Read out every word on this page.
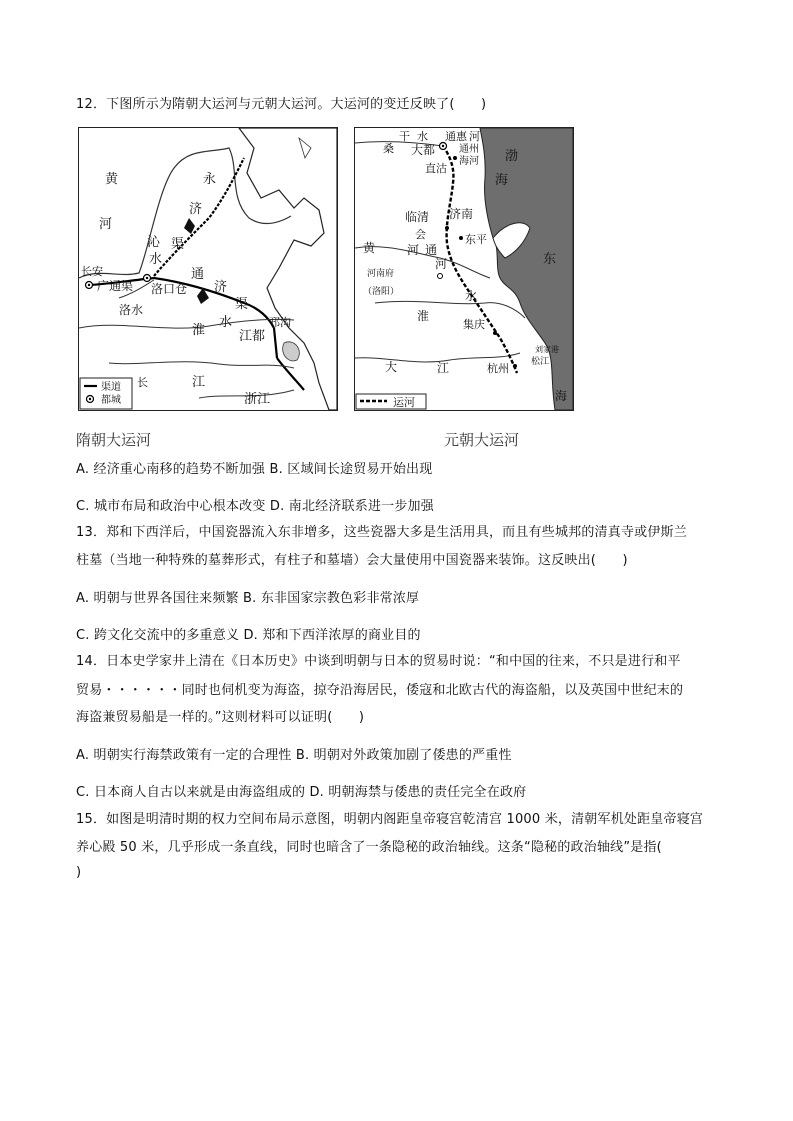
12．下图所示为隋朝大运河与元朝大运河。大运河的变迁反映了(　　)
黄
河
永
济
沁
水
渠
长安
广通渠 洛口仓
洛水
通
济
渠
淮
水	邗沟
江都
江
浙江
长
渠道
都城
隋朝大运河
桑
干 水 通惠 河
大都 通州
海河
直沽
渤
海
临清 济南
会	东平
黄	河 通
河
河南府
（洛阳）
东
水
淮
集庆
大	江	杭州 松江
刘家港
海
运河
元朝大运河
A. 经济重心南移的趋势不断加强 B. 区域间长途贸易开始出现
C. 城市布局和政治中心根本改变 D. 南北经济联系进一步加强
13．郑和下西洋后，中国瓷器流入东非增多，这些瓷器大多是生活用具，而且有些城邦的清真寺或伊斯兰
柱墓（当地一种特殊的墓葬形式，有柱子和墓墙）会大量使用中国瓷器来装饰。这反映出(　　)
A. 明朝与世界各国往来频繁 B. 东非国家宗教色彩非常浓厚
C. 跨文化交流中的多重意义 D. 郑和下西洋浓厚的商业目的
14．日本史学家井上清在《日本历史》中谈到明朝与日本的贸易时说：“和中国的往来，不只是进行和平
贸易・・・・・・同时也伺机变为海盗，掠夺沿海居民，倭寇和北欧古代的海盗船，以及英国中世纪末的
海盗兼贸易船是一样的。”这则材料可以证明(　　)
A. 明朝实行海禁政策有一定的合理性 B. 明朝对外政策加剧了倭患的严重性
C. 日本商人自古以来就是由海盗组成的 D. 明朝海禁与倭患的责任完全在政府
15．如图是明清时期的权力空间布局示意图，明朝内阁距皇帝寝宫乾清宫 1000 米，清朝军机处距皇帝寝宫
养心殿 50 米，几乎形成一条直线，同时也暗含了一条隐秘的政治轴线。这条“隐秘的政治轴线”是指(
)
